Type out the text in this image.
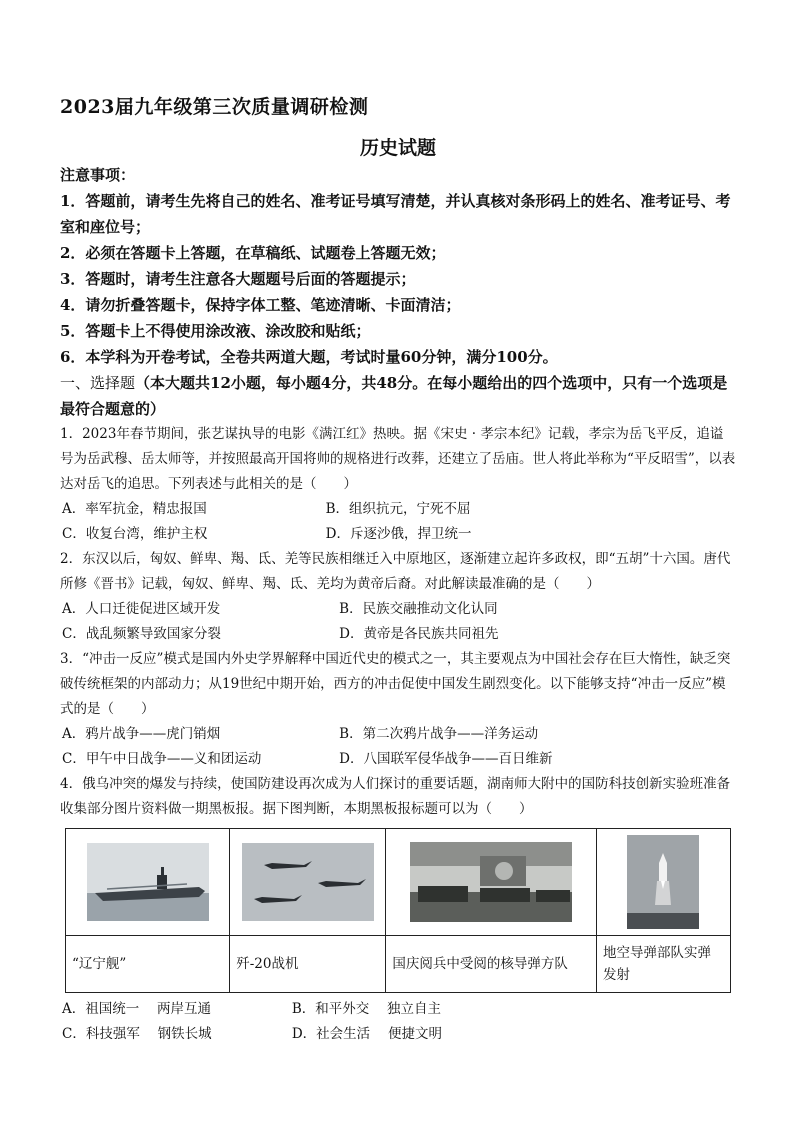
2023届九年级第三次质量调研检测

历史试题

注意事项：

1．答题前，请考生先将自己的姓名、准考证号填写清楚，并认真核对条形码上的姓名、准考证号、考室和座位号；

2．必须在答题卡上答题，在草稿纸、试题卷上答题无效；

3．答题时，请考生注意各大题题号后面的答题提示；

4．请勿折叠答题卡，保持字体工整、笔迹清晰、卡面清洁；

5．答题卡上不得使用涂改液、涂改胶和贴纸；

6．本学科为开卷考试，全卷共两道大题，考试时量60分钟，满分100分。

一、选择题（本大题共12小题，每小题4分，共48分。在每小题给出的四个选项中，只有一个选项是最符合题意的）

1．2023年春节期间，张艺谋执导的电影《满江红》热映。据《宋史 · 孝宗本纪》记载，孝宗为岳飞平反，追谥号为岳武穆、岳太师等，并按照最高开国将帅的规格进行改葬，还建立了岳庙。世人将此举称为“平反昭雪”，以表达对岳飞的追思。下列表述与此相关的是（　　）

A．率军抗金，精忠报国	B．组织抗元，宁死不屈
C．收复台湾，维护主权	D．斥逐沙俄，捍卫统一

2．东汉以后，匈奴、鲜卑、羯、氐、羌等民族相继迁入中原地区，逐渐建立起许多政权，即“五胡”十六国。唐代所修《晋书》记载，匈奴、鲜卑、羯、氐、羌均为黄帝后裔。对此解读最准确的是（　　）

A．人口迁徙促进区域开发	B．民族交融推动文化认同
C．战乱频繁导致国家分裂	D．黄帝是各民族共同祖先

3．“冲击一反应”模式是国内外史学界解释中国近代史的模式之一，其主要观点为中国社会存在巨大惰性，缺乏突破传统框架的内部动力；从19世纪中期开始，西方的冲击促使中国发生剧烈变化。以下能够支持“冲击一反应”模式的是（　　）

A．鸦片战争——虎门销烟	B．第二次鸦片战争——洋务运动
C．甲午中日战争——义和团运动	D．八国联军侵华战争——百日维新

4．俄乌冲突的爆发与持续，使国防建设再次成为人们探讨的重要话题，湖南师大附中的国防科技创新实验班准备收集部分图片资料做一期黑板报。据下图判断，本期黑板报标题可以为（　　）

“辽宁舰”	歼-20战机	国庆阅兵中受阅的核导弹方队	地空导弹部队实弹发射
A．祖国统一　 两岸互通	B．和平外交　 独立自主
C．科技强军　 钢铁长城	D．社会生活　 便捷文明
